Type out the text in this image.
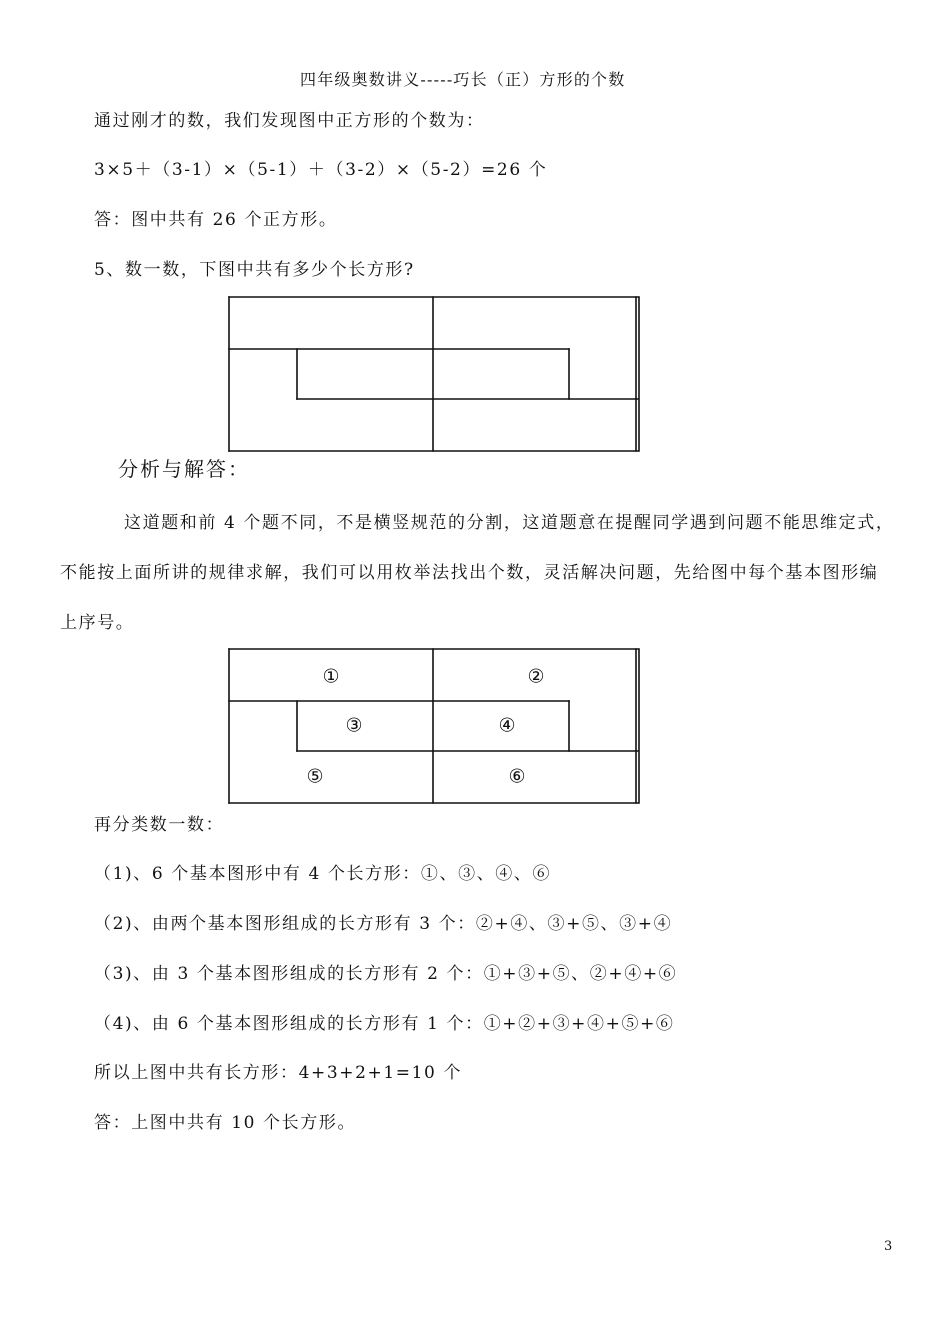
四年级奥数讲义-----巧长（正）方形的个数
通过刚才的数，我们发现图中正方形的个数为：
3×5＋（3-1）×（5-1）＋（3-2）×（5-2）=26 个
答：图中共有 26 个正方形。
5、数一数，下图中共有多少个长方形?
分析与解答：
这道题和前 4 个题不同，不是横竖规范的分割，这道题意在提醒同学遇到问题不能思维定式，
不能按上面所讲的规律求解，我们可以用枚举法找出个数，灵活解决问题，先给图中每个基本图形编
上序号。
①	②
③	④
⑤	⑥
再分类数一数：
（1)、6 个基本图形中有 4 个长方形：①、③、④、⑥
（2)、由两个基本图形组成的长方形有 3 个：②+④、③+⑤、③+④
（3)、由 3 个基本图形组成的长方形有 2 个：①+③+⑤、②+④+⑥
（4)、由 6 个基本图形组成的长方形有 1 个：①+②+③+④+⑤+⑥
所以上图中共有长方形：4+3+2+1=10 个
答：上图中共有 10 个长方形。
3
